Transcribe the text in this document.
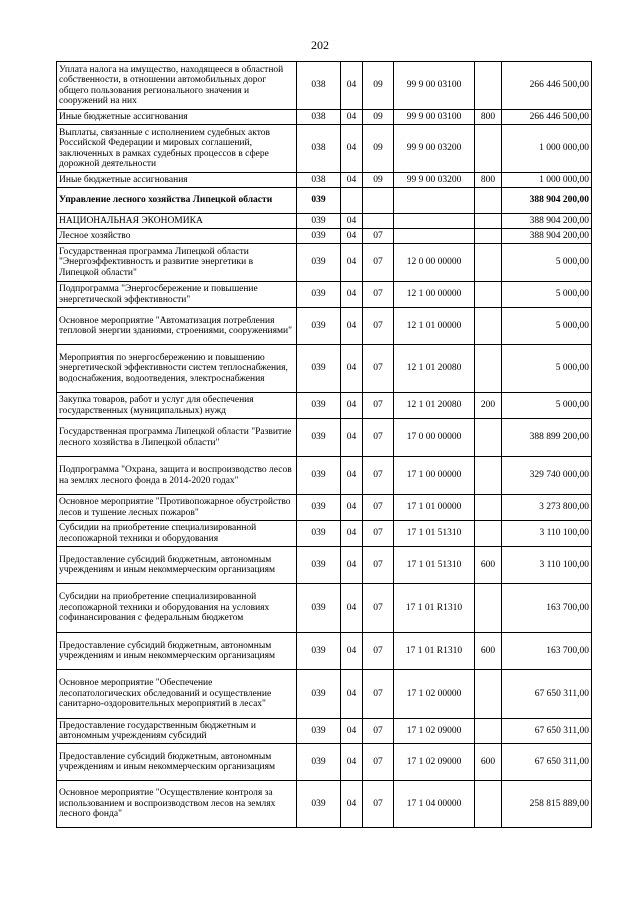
202
Уплата налога на имущество, находящееся в областной собственности, в отношении автомобильных дорог общего пользования регионального значения и сооружений на них	038	04	09	99 9 00 03100		266 446 500,00
Иные бюджетные ассигнования	038	04	09	99 9 00 03100	800	266 446 500,00
Выплаты, связанные с исполнением судебных актов Российской Федерации и мировых соглашений, заключенных в рамках судебных процессов в сфере дорожной деятельности	038	04	09	99 9 00 03200		1 000 000,00
Иные бюджетные ассигнования	038	04	09	99 9 00 03200	800	1 000 000,00
Управление лесного хозяйства Липецкой области	039					388 904 200,00
НАЦИОНАЛЬНАЯ ЭКОНОМИКА	039	04				388 904 200,00
Лесное хозяйство	039	04	07			388 904 200,00
Государственная программа Липецкой области "Энергоэффективность и развитие энергетики в Липецкой области"	039	04	07	12 0 00 00000		5 000,00
Подпрограмма "Энергосбережение и повышение энергетической эффективности"	039	04	07	12 1 00 00000		5 000,00
Основное мероприятие "Автоматизация потребления тепловой энергии зданиями, строениями, сооружениями"	039	04	07	12 1 01 00000		5 000,00
Мероприятия по энергосбережению и повышению энергетической эффективности систем теплоснабжения, водоснабжения, водоотведения, электроснабжения	039	04	07	12 1 01 20080		5 000,00
Закупка товаров, работ и услуг для обеспечения государственных (муниципальных) нужд	039	04	07	12 1 01 20080	200	5 000,00
Государственная программа Липецкой области "Развитие лесного хозяйства в Липецкой области"	039	04	07	17 0 00 00000		388 899 200,00
Подпрограмма "Охрана, защита и воспроизводство лесов на землях лесного фонда в 2014-2020 годах"	039	04	07	17 1 00 00000		329 740 000,00
Основное мероприятие "Противопожарное обустройство лесов и тушение лесных пожаров"	039	04	07	17 1 01 00000		3 273 800,00
Субсидии на приобретение специализированной лесопожарной техники и оборудования	039	04	07	17 1 01 51310		3 110 100,00
Предоставление субсидий бюджетным, автономным учреждениям и иным некоммерческим организациям	039	04	07	17 1 01 51310	600	3 110 100,00
Субсидии на приобретение специализированной лесопожарной техники и оборудования на условиях софинансирования с федеральным бюджетом	039	04	07	17 1 01 R1310		163 700,00
Предоставление субсидий бюджетным, автономным учреждениям и иным некоммерческим организациям	039	04	07	17 1 01 R1310	600	163 700,00
Основное мероприятие "Обеспечение лесопатологических обследований и осуществление санитарно-оздоровительных мероприятий в лесах"	039	04	07	17 1 02 00000		67 650 311,00
Предоставление государственным бюджетным и автономным учреждениям субсидий	039	04	07	17 1 02 09000		67 650 311,00
Предоставление субсидий бюджетным, автономным учреждениям и иным некоммерческим организациям	039	04	07	17 1 02 09000	600	67 650 311,00
Основное мероприятие "Осуществление контроля за использованием и воспроизводством лесов на землях лесного фонда"	039	04	07	17 1 04 00000		258 815 889,00
